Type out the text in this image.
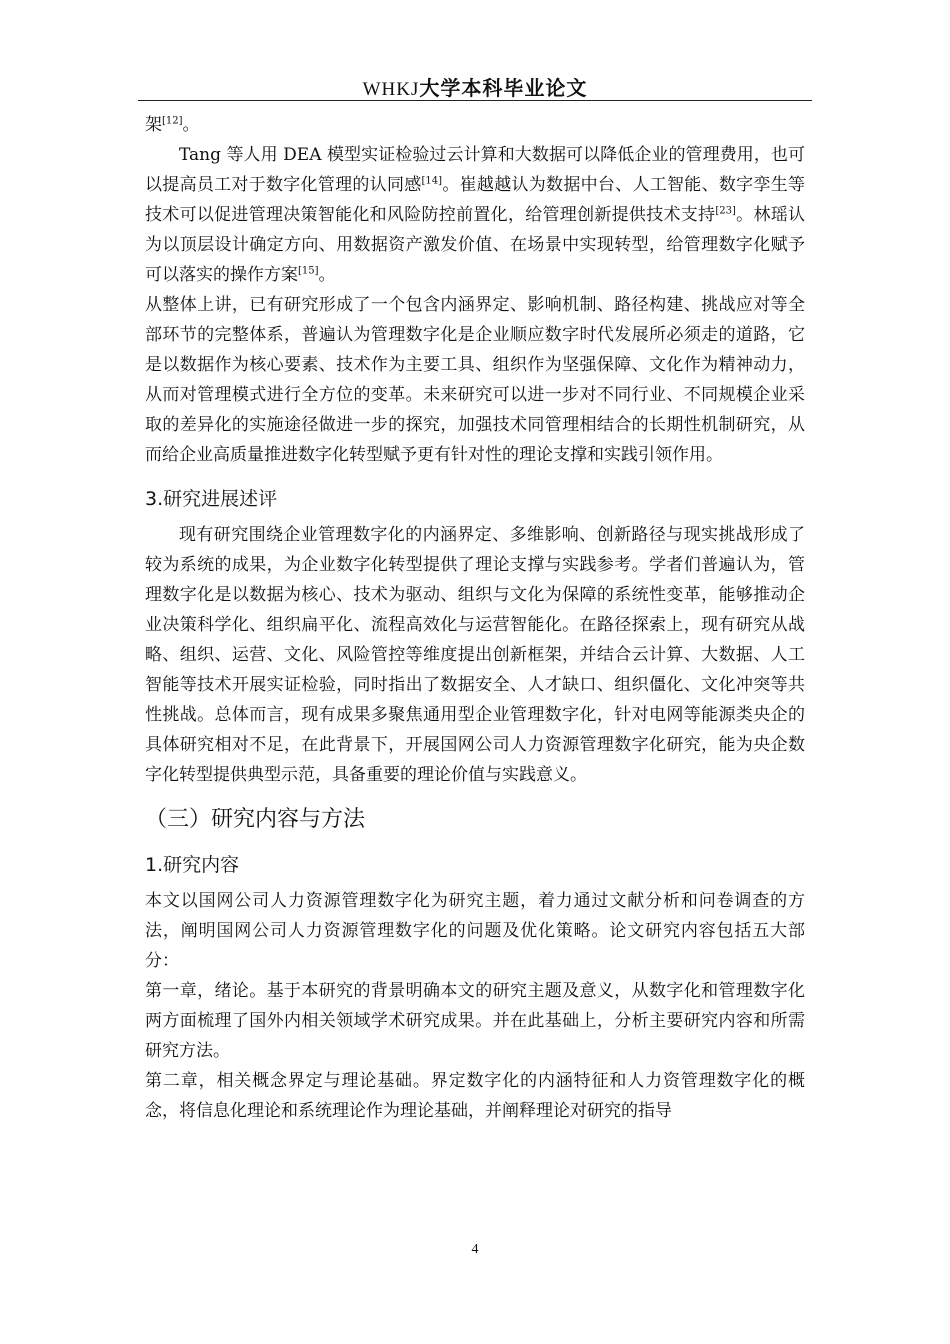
WHKJ大学本科毕业论文

架[12]。

Tang 等人用 DEA 模型实证检验过云计算和大数据可以降低企业的管理费用，也可以提高员工对于数字化管理的认同感[14]。崔越越认为数据中台、人工智能、数字孪生等技术可以促进管理决策智能化和风险防控前置化，给管理创新提供技术支持[23]。林瑶认为以顶层设计确定方向、用数据资产激发价值、在场景中实现转型，给管理数字化赋予可以落实的操作方案[15]。

从整体上讲，已有研究形成了一个包含内涵界定、影响机制、路径构建、挑战应对等全部环节的完整体系，普遍认为管理数字化是企业顺应数字时代发展所必须走的道路，它是以数据作为核心要素、技术作为主要工具、组织作为坚强保障、文化作为精神动力，从而对管理模式进行全方位的变革。未来研究可以进一步对不同行业、不同规模企业采取的差异化的实施途径做进一步的探究，加强技术同管理相结合的长期性机制研究，从而给企业高质量推进数字化转型赋予更有针对性的理论支撑和实践引领作用。

3.研究进展述评

现有研究围绕企业管理数字化的内涵界定、多维影响、创新路径与现实挑战形成了较为系统的成果，为企业数字化转型提供了理论支撑与实践参考。学者们普遍认为，管理数字化是以数据为核心、技术为驱动、组织与文化为保障的系统性变革，能够推动企业决策科学化、组织扁平化、流程高效化与运营智能化。在路径探索上，现有研究从战略、组织、运营、文化、风险管控等维度提出创新框架，并结合云计算、大数据、人工智能等技术开展实证检验，同时指出了数据安全、人才缺口、组织僵化、文化冲突等共性挑战。总体而言，现有成果多聚焦通用型企业管理数字化，针对电网等能源类央企的具体研究相对不足，在此背景下，开展国网公司人力资源管理数字化研究，能为央企数字化转型提供典型示范，具备重要的理论价值与实践意义。

（三）研究内容与方法
1.研究内容

本文以国网公司人力资源管理数字化为研究主题，着力通过文献分析和问卷调查的方法，阐明国网公司人力资源管理数字化的问题及优化策略。论文研究内容包括五大部分：

第一章，绪论。基于本研究的背景明确本文的研究主题及意义，从数字化和管理数字化两方面梳理了国外内相关领域学术研究成果。并在此基础上，分析主要研究内容和所需研究方法。

第二章，相关概念界定与理论基础。界定数字化的内涵特征和人力资管理数字化的概念，将信息化理论和系统理论作为理论基础，并阐释理论对研究的指导

4
